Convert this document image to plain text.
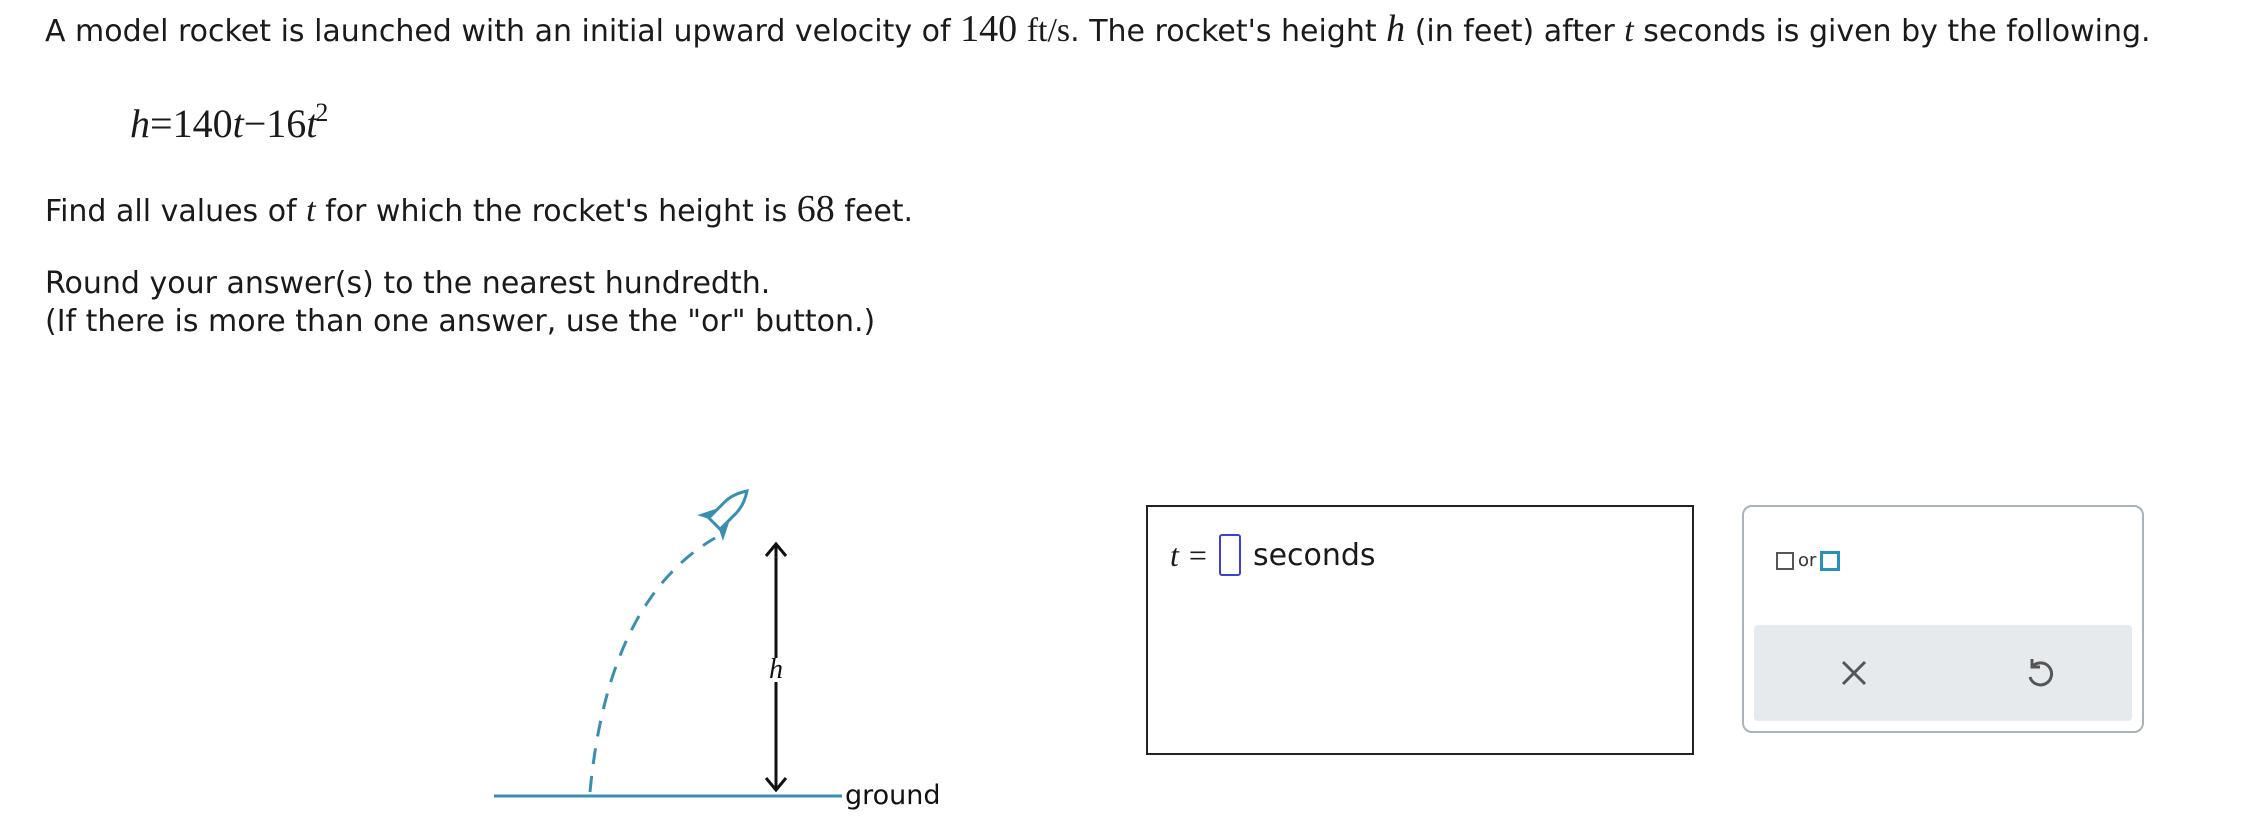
A model rocket is launched with an initial upward velocity of 140 ft/s. The rocket's height h (in feet) after t seconds is given by the following.
$h=140t-16t^2$
Find all values of t for which the rocket's height is 68 feet.
Round your answer(s) to the nearest hundredth.
(If there is more than one answer, use the "or" button.)
h
ground
t = seconds	or
